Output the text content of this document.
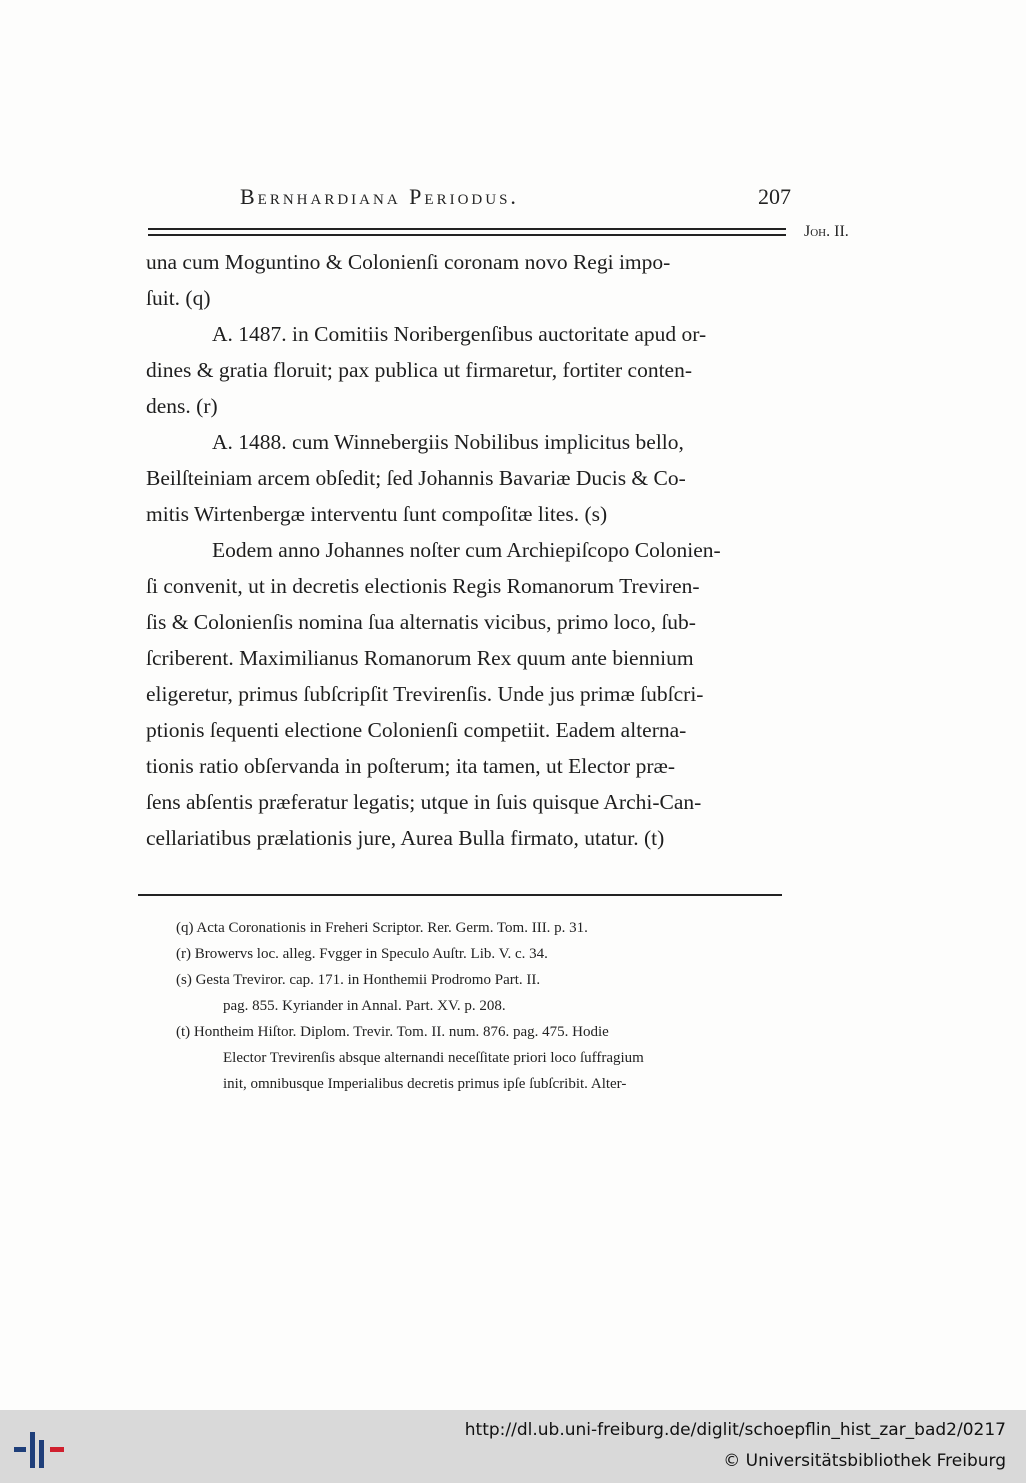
Bernhardiana Periodus.	207
Joh. II.

una cum Moguntino & Colonienſi coronam novo Regi impo-
ſuit. (q)

A. 1487. in Comitiis Noribergenſibus auctoritate apud or-
dines & gratia floruit; pax publica ut firmaretur, fortiter conten-
dens. (r)

A. 1488. cum Winnebergiis Nobilibus implicitus bello,
Beilſteiniam arcem obſedit; ſed Johannis Bavariæ Ducis & Co-
mitis Wirtenbergæ interventu ſunt compoſitæ lites. (s)

Eodem anno Johannes noſter cum Archiepiſcopo Colonien-
ſi convenit, ut in decretis electionis Regis Romanorum Treviren-
ſis & Colonienſis nomina ſua alternatis vicibus, primo loco, ſub-
ſcriberent. Maximilianus Romanorum Rex quum ante biennium
eligeretur, primus ſubſcripſit Trevirenſis. Unde jus primæ ſubſcri-
ptionis ſequenti electione Colonienſi competiit. Eadem alterna-
tionis ratio obſervanda in poſterum; ita tamen, ut Elector præ-
ſens abſentis præferatur legatis; utque in ſuis quisque Archi-Can-
cellariatibus prælationis jure, Aurea Bulla firmato, utatur. (t)

(q) Acta Coronationis in Freheri Scriptor. Rer. Germ. Tom. III. p. 31.
(r) Browervs loc. alleg. Fvgger in Speculo Auſtr. Lib. V. c. 34.
(s) Gesta Treviror. cap. 171. in Honthemii Prodromo Part. II.
pag. 855. Kyriander in Annal. Part. XV. p. 208.
(t) Hontheim Hiſtor. Diplom. Trevir. Tom. II. num. 876. pag. 475. Hodie
Elector Trevirenſis absque alternandi neceſſitate priori loco ſuffragium
init, omnibusque Imperialibus decretis primus ipſe ſubſcribit. Alter-
http://dl.ub.uni-freiburg.de/diglit/schoepflin_hist_zar_bad2/0217
© Universitätsbibliothek Freiburg
